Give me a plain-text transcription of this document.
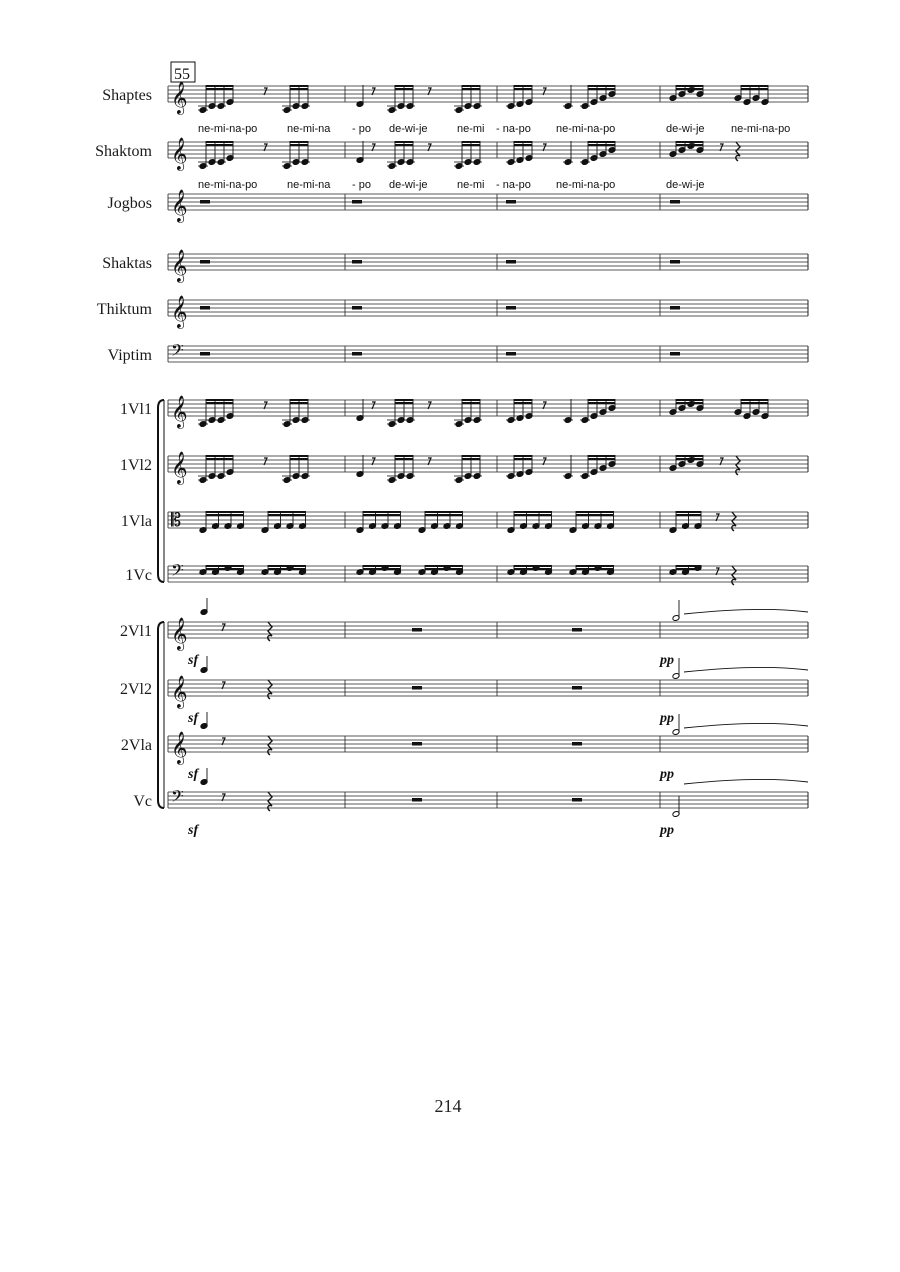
Shaptes 𝄞
Shaktom 𝄞
Jogbos 𝄞
Shaktas 𝄞
Thiktum 𝄞
Viptim 𝄢
1Vl1 𝄞
1Vl2 𝄞
1Vla 𝄡
1Vc 𝄢
2Vl1 𝄞
2Vl2 𝄞
2Vla 𝄞
Vc 𝄢
ne-mi-na-po	ne-mi-na - po de-wi-je	ne-mi - na-po ne-mi-na-po	de-wi-je ne-mi-na-po
ne-mi-na-po	ne-mi-na - po de-wi-je	ne-mi - na-po ne-mi-na-po	de-wi-je
sf
sf
sf
sf
pp
pp
pp
pp
55
214
